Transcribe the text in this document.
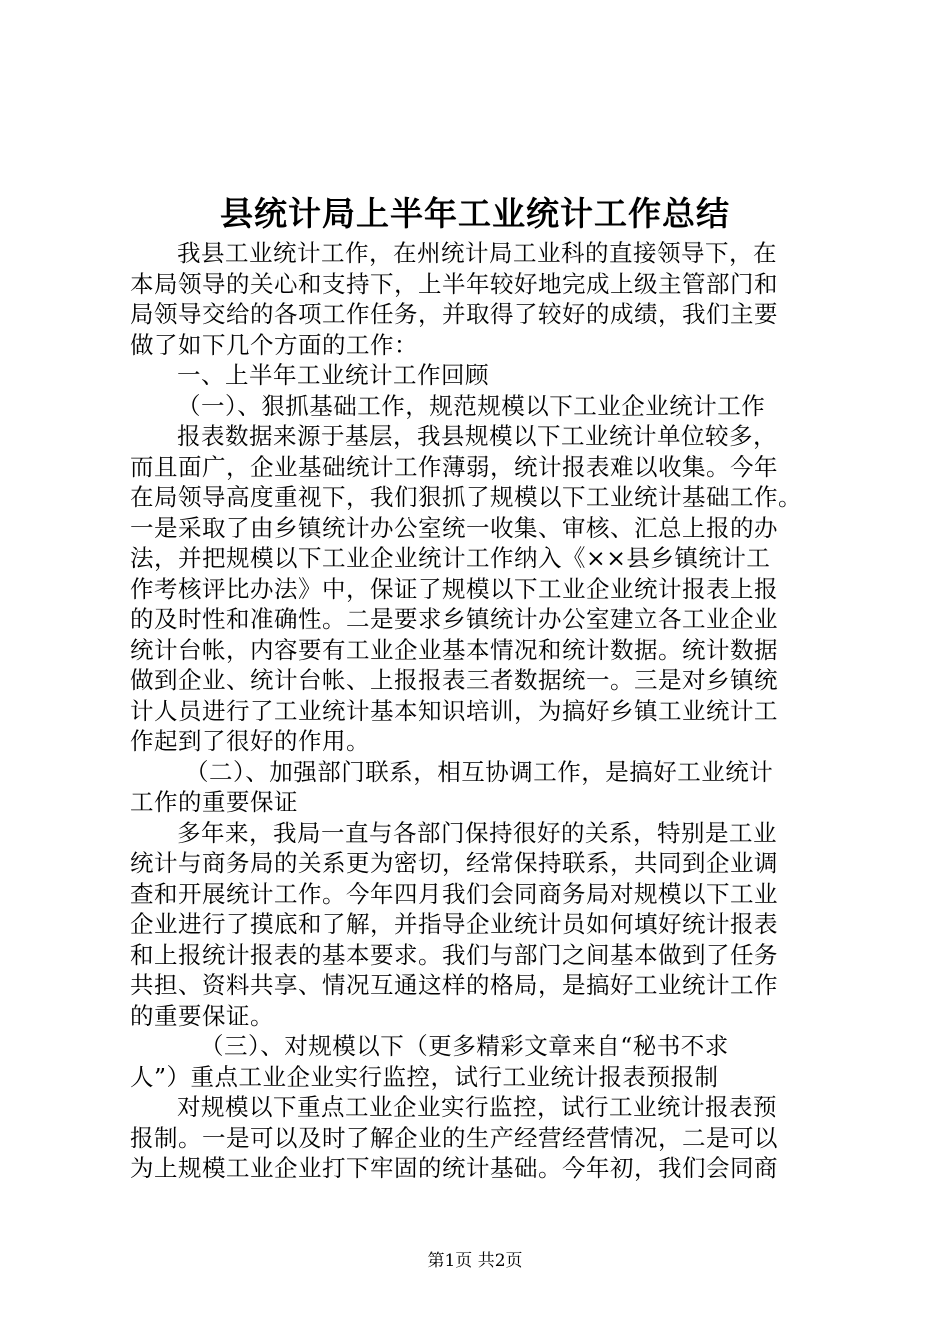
县统计局上半年工业统计工作总结
我县工业统计工作，在州统计局工业科的直接领导下，在
本局领导的关心和支持下，上半年较好地完成上级主管部门和
局领导交给的各项工作任务，并取得了较好的成绩，我们主要
做了如下几个方面的工作：
一、上半年工业统计工作回顾
（一）、狠抓基础工作，规范规模以下工业企业统计工作
报表数据来源于基层，我县规模以下工业统计单位较多，
而且面广，企业基础统计工作薄弱，统计报表难以收集。今年
在局领导高度重视下，我们狠抓了规模以下工业统计基础工作。
一是采取了由乡镇统计办公室统一收集、审核、汇总上报的办
法，并把规模以下工业企业统计工作纳入《××县乡镇统计工
作考核评比办法》中，保证了规模以下工业企业统计报表上报
的及时性和准确性。二是要求乡镇统计办公室建立各工业企业
统计台帐，内容要有工业企业基本情况和统计数据。统计数据
做到企业、统计台帐、上报报表三者数据统一。三是对乡镇统
计人员进行了工业统计基本知识培训，为搞好乡镇工业统计工
作起到了很好的作用。
（二）、加强部门联系，相互协调工作，是搞好工业统计
工作的重要保证
多年来，我局一直与各部门保持很好的关系，特别是工业
统计与商务局的关系更为密切，经常保持联系，共同到企业调
查和开展统计工作。今年四月我们会同商务局对规模以下工业
企业进行了摸底和了解，并指导企业统计员如何填好统计报表
和上报统计报表的基本要求。我们与部门之间基本做到了任务
共担、资料共享、情况互通这样的格局，是搞好工业统计工作
的重要保证。
（三）、对规模以下（更多精彩文章来自“秘书不求
人”）重点工业企业实行监控，试行工业统计报表预报制
对规模以下重点工业企业实行监控，试行工业统计报表预
报制。一是可以及时了解企业的生产经营经营情况，二是可以
为上规模工业企业打下牢固的统计基础。今年初，我们会同商
第1页 共2页
